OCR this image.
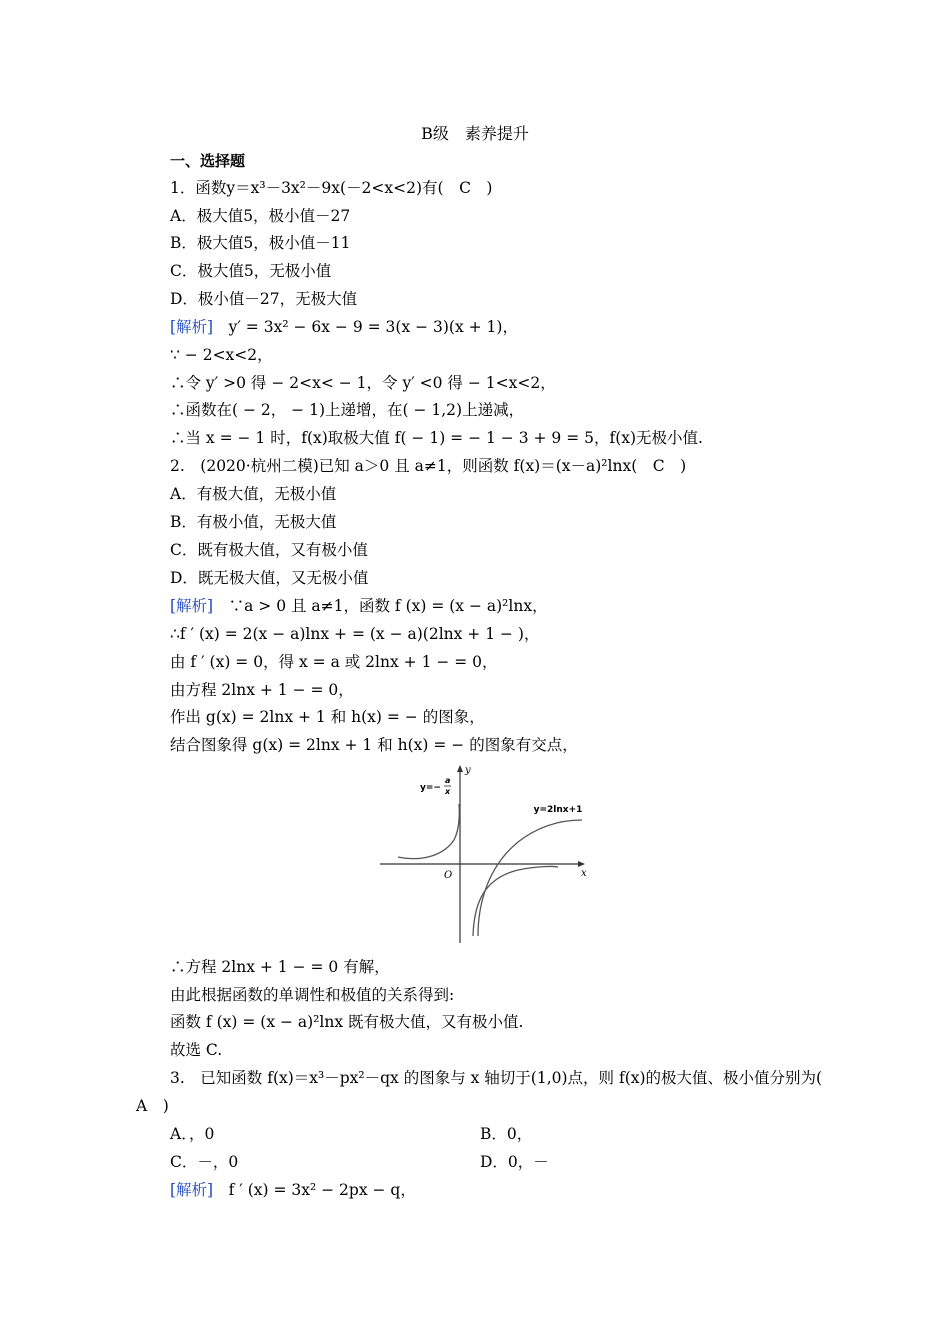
B级　素养提升
一、选择题
1．函数y＝x³－3x²－9x(－2<x<2)有(　C　)
A．极大值5，极小值－27
B．极大值5，极小值－11
C．极大值5，无极小值
D．极小值－27，无极大值
[解析]　y′ = 3x² − 6x − 9 = 3(x − 3)(x + 1)，
∵ − 2<x<2，
∴令 y′ >0 得 − 2<x< − 1，令 y′ <0 得 − 1<x<2，
∴函数在( − 2， − 1)上递增，在( − 1,2)上递减，
∴当 x = − 1 时，f(x)取极大值 f( − 1) = − 1 − 3 + 9 = 5，f(x)无极小值.
2.　(2020·杭州二模)已知 a＞0 且 a≠1，则函数 f(x)＝(x－a)²lnx(　C　)
A．有极大值，无极小值
B．有极小值，无极大值
C．既有极大值，又有极小值
D．既无极大值，又无极小值
[解析]　∵a > 0 且 a≠1，函数 f (x) = (x − a)²lnx，
∴f ′ (x) = 2(x − a)lnx + = (x − a)(2lnx + 1 − )，
由 f ′ (x) = 0，得 x = a 或 2lnx + 1 − = 0，
由方程 2lnx + 1 − = 0，
作出 g(x) = 2lnx + 1 和 h(x) = − 的图象，
结合图象得 g(x) = 2lnx + 1 和 h(x) = − 的图象有交点，
y=−
a
x
y=2lnx+1
x
y
O
∴方程 2lnx + 1 − = 0 有解，
由此根据函数的单调性和极值的关系得到:
函数 f (x) = (x − a)²lnx 既有极大值，又有极小值.
故选 C.
3.　已知函数 f(x)＝x³－px²－qx 的图象与 x 轴切于(1,0)点，则 f(x)的极大值、极小值分别为(
A　)
A．，0	B．0，
C．－，0	D．0，－
[解析]　f ′ (x) = 3x² − 2px − q，
